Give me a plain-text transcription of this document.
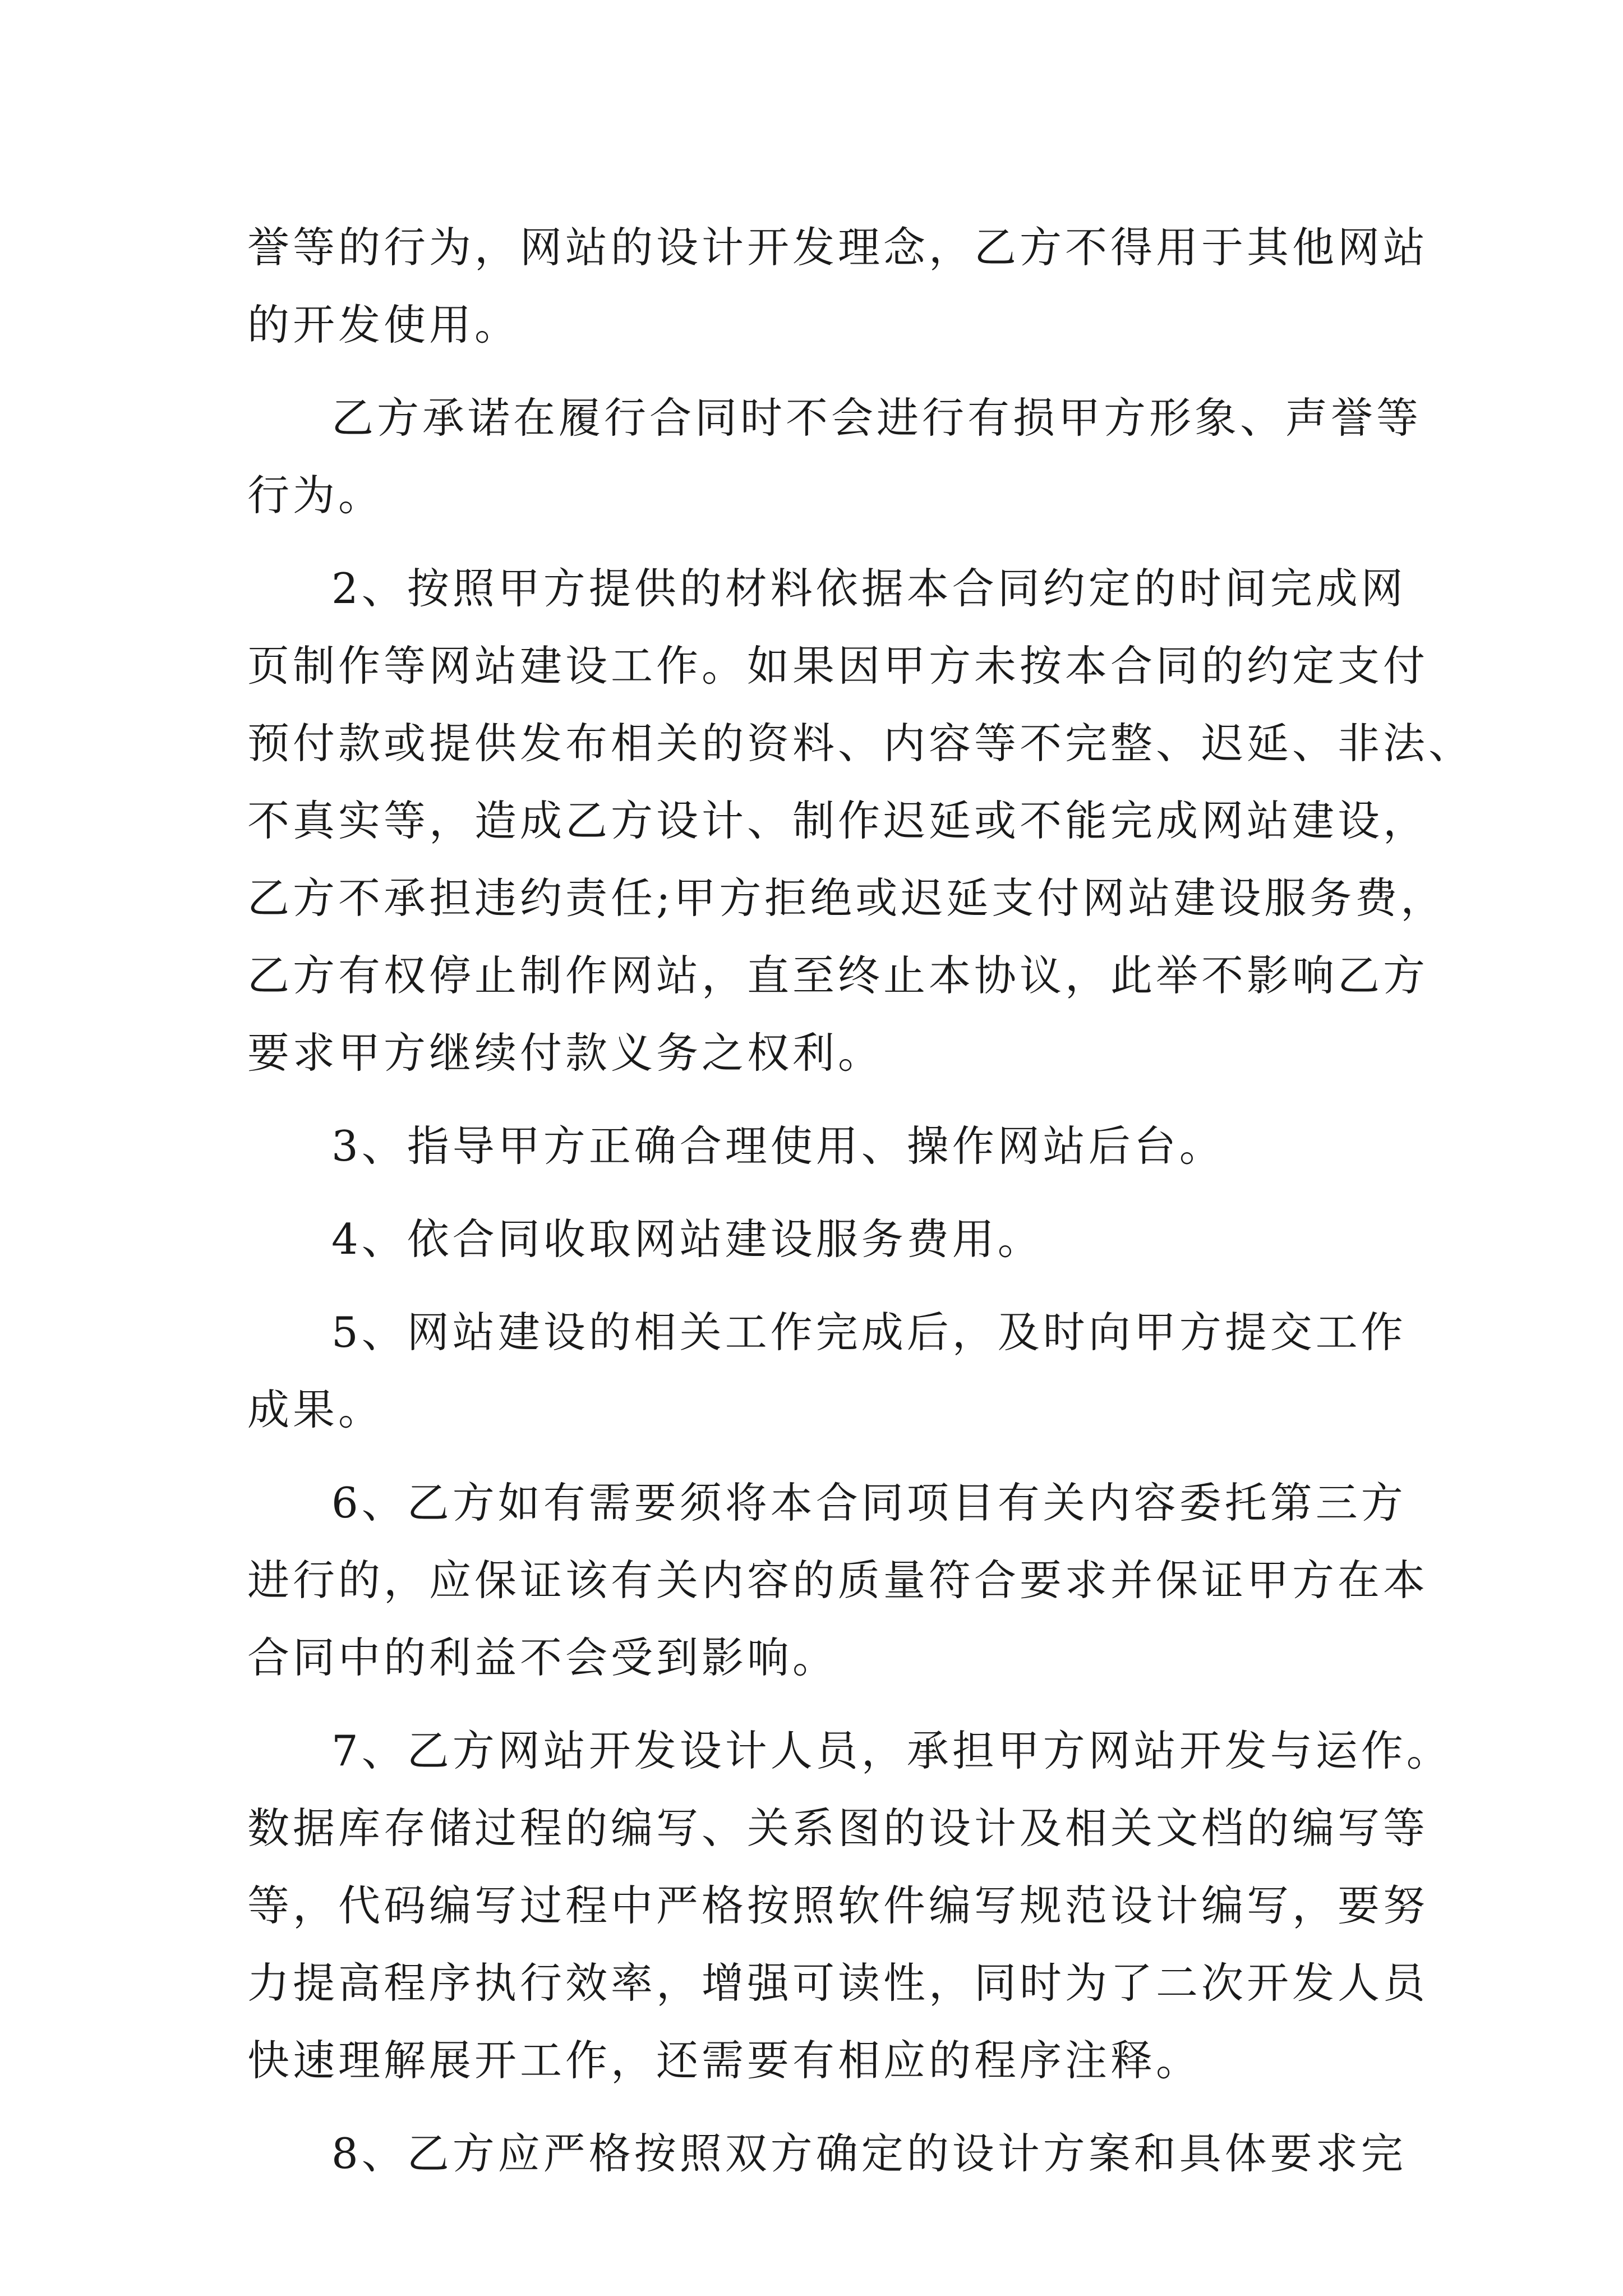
誉等的行为，网站的设计开发理念，乙方不得用于其他网站
的开发使用。
乙方承诺在履行合同时不会进行有损甲方形象、声誉等
行为。
2、按照甲方提供的材料依据本合同约定的时间完成网
页制作等网站建设工作。如果因甲方未按本合同的约定支付
预付款或提供发布相关的资料、内容等不完整、迟延、非法、
不真实等，造成乙方设计、制作迟延或不能完成网站建设，
乙方不承担违约责任;甲方拒绝或迟延支付网站建设服务费，
乙方有权停止制作网站，直至终止本协议，此举不影响乙方
要求甲方继续付款义务之权利。
3、指导甲方正确合理使用、操作网站后台。
4、依合同收取网站建设服务费用。
5、网站建设的相关工作完成后，及时向甲方提交工作
成果。
6、乙方如有需要须将本合同项目有关内容委托第三方
进行的，应保证该有关内容的质量符合要求并保证甲方在本
合同中的利益不会受到影响。
7、乙方网站开发设计人员，承担甲方网站开发与运作。
数据库存储过程的编写、关系图的设计及相关文档的编写等
等，代码编写过程中严格按照软件编写规范设计编写，要努
力提高程序执行效率，增强可读性，同时为了二次开发人员
快速理解展开工作，还需要有相应的程序注释。
8、乙方应严格按照双方确定的设计方案和具体要求完
